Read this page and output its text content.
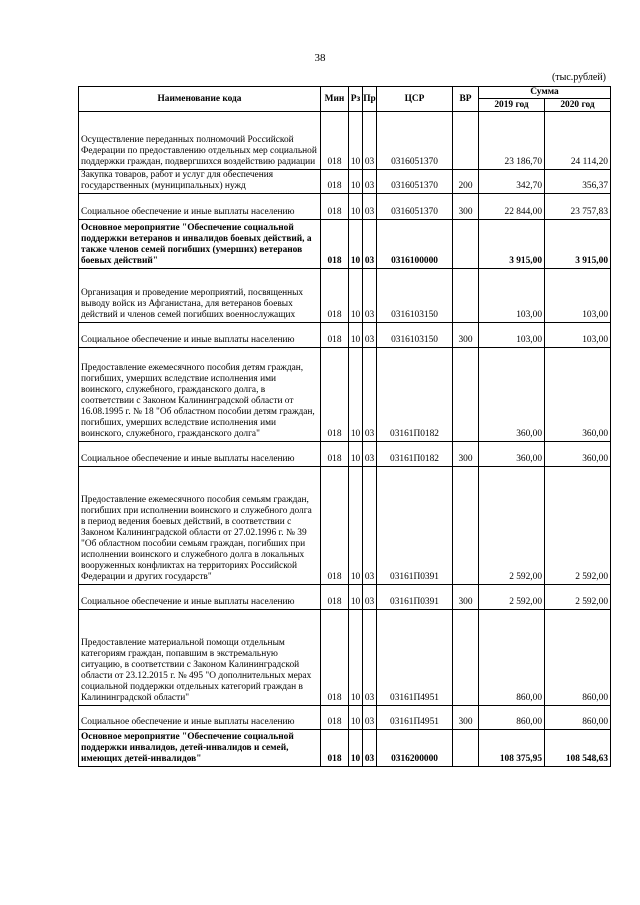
38
(тыс.рублей)
Наименование кода	Мин	Рз	Пр	ЦСР	ВР	Сумма	
						2019 год	2020 год
Осуществление переданных полномочий Российской Федерации по предоставлению отдельных мер социальной поддержки граждан, подвергшихся воздействию радиации	018	10	03	0316051370		23 186,70	24 114,20
Закупка товаров, работ и услуг для обеспечения государственных (муниципальных) нужд	018	10	03	0316051370	200	342,70	356,37
Социальное обеспечение и иные выплаты населению	018	10	03	0316051370	300	22 844,00	23 757,83
Основное мероприятие "Обеспечение социальной поддержки ветеранов и инвалидов боевых действий, а также членов семей погибших (умерших) ветеранов боевых действий"	018	10	03	0316100000		3 915,00	3 915,00
Организация и проведение мероприятий, посвященных выводу войск из Афганистана, для ветеранов боевых действий и членов семей погибших военнослужащих	018	10	03	0316103150		103,00	103,00
Социальное обеспечение и иные выплаты населению	018	10	03	0316103150	300	103,00	103,00
Предоставление ежемесячного пособия детям граждан, погибших, умерших вследствие исполнения ими воинского, служебного, гражданского долга, в соответствии с Законом Калининградской области от 16.08.1995 г. № 18 "Об областном пособии детям граждан, погибших, умерших вследствие исполнения ими воинского, служебного, гражданского долга"	018	10	03	03161П0182		360,00	360,00
Социальное обеспечение и иные выплаты населению	018	10	03	03161П0182	300	360,00	360,00
Предоставление ежемесячного пособия семьям граждан, погибших при исполнении воинского и служебного долга в период ведения боевых действий, в соответствии с Законом Калининградской области от 27.02.1996 г. № 39 "Об областном пособии семьям граждан, погибших при исполнении воинского и служебного долга в локальных вооруженных конфликтах на территориях Российской Федерации и других государств"	018	10	03	03161П0391		2 592,00	2 592,00
Социальное обеспечение и иные выплаты населению	018	10	03	03161П0391	300	2 592,00	2 592,00
Предоставление материальной помощи отдельным категориям граждан, попавшим в экстремальную ситуацию, в соответствии с Законом Калининградской области от 23.12.2015 г. № 495 "О дополнительных мерах социальной поддержки отдельных категорий граждан в Калининградской области"	018	10	03	03161П4951		860,00	860,00
Социальное обеспечение и иные выплаты населению	018	10	03	03161П4951	300	860,00	860,00
Основное мероприятие "Обеспечение социальной поддержки инвалидов, детей-инвалидов и семей, имеющих детей-инвалидов"	018	10	03	0316200000		108 375,95	108 548,63
